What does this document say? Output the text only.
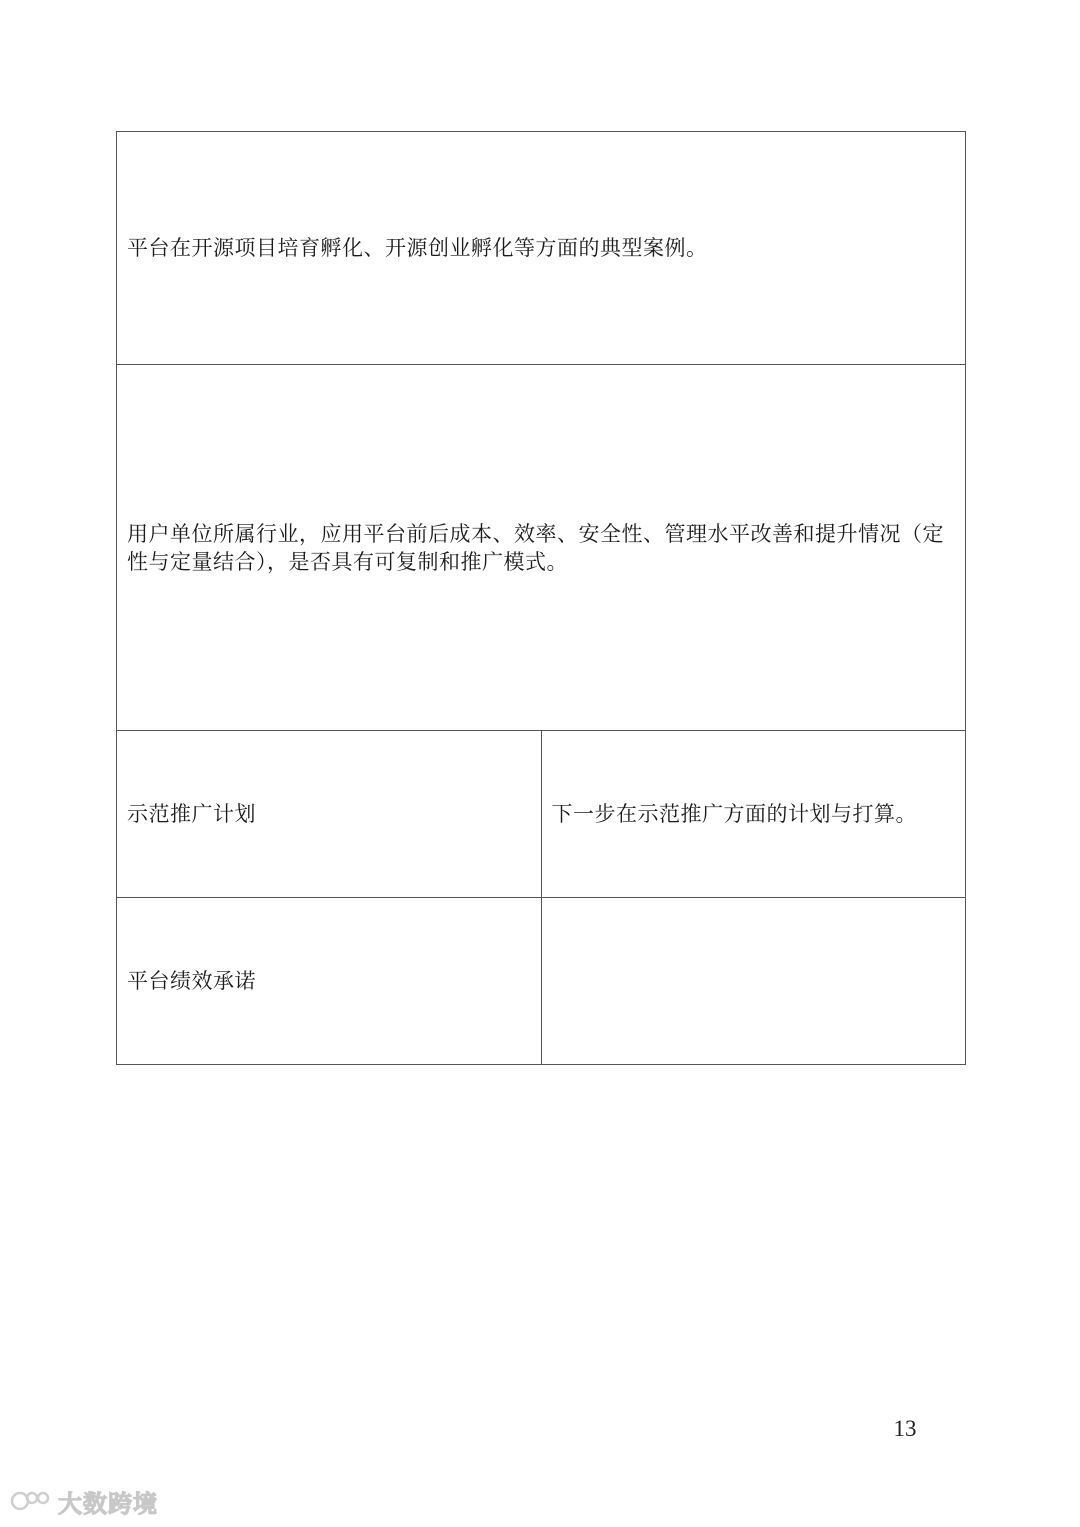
平台在开源项目培育孵化、开源创业孵化等方面的典型案例。	
用户单位所属行业，应用平台前后成本、效率、安全性、管理水平改善和提升情况（定性与定量结合），是否具有可复制和推广模式。	
示范推广计划	下一步在示范推广方面的计划与打算。
平台绩效承诺	
13
大数跨境
